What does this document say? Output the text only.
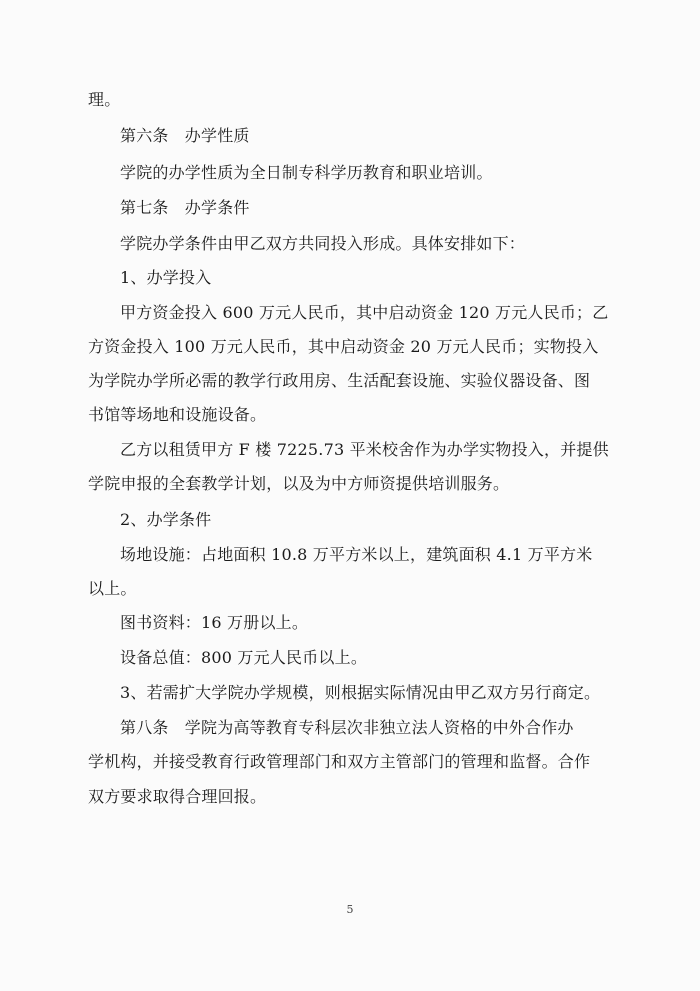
理。
第六条　办学性质
学院的办学性质为全日制专科学历教育和职业培训。
第七条　办学条件
学院办学条件由甲乙双方共同投入形成。具体安排如下：
1、办学投入
甲方资金投入 600 万元人民币，其中启动资金 120 万元人民币；乙
方资金投入 100 万元人民币，其中启动资金 20 万元人民币；实物投入
为学院办学所必需的教学行政用房、生活配套设施、实验仪器设备、图
书馆等场地和设施设备。
乙方以租赁甲方 F 楼 7225.73 平米校舍作为办学实物投入，并提供
学院申报的全套教学计划，以及为中方师资提供培训服务。
2、办学条件
场地设施：占地面积 10.8 万平方米以上，建筑面积 4.1 万平方米
以上。
图书资料：16 万册以上。
设备总值：800 万元人民币以上。
3、若需扩大学院办学规模，则根据实际情况由甲乙双方另行商定。
第八条　学院为高等教育专科层次非独立法人资格的中外合作办
学机构，并接受教育行政管理部门和双方主管部门的管理和监督。合作
双方要求取得合理回报。
5
